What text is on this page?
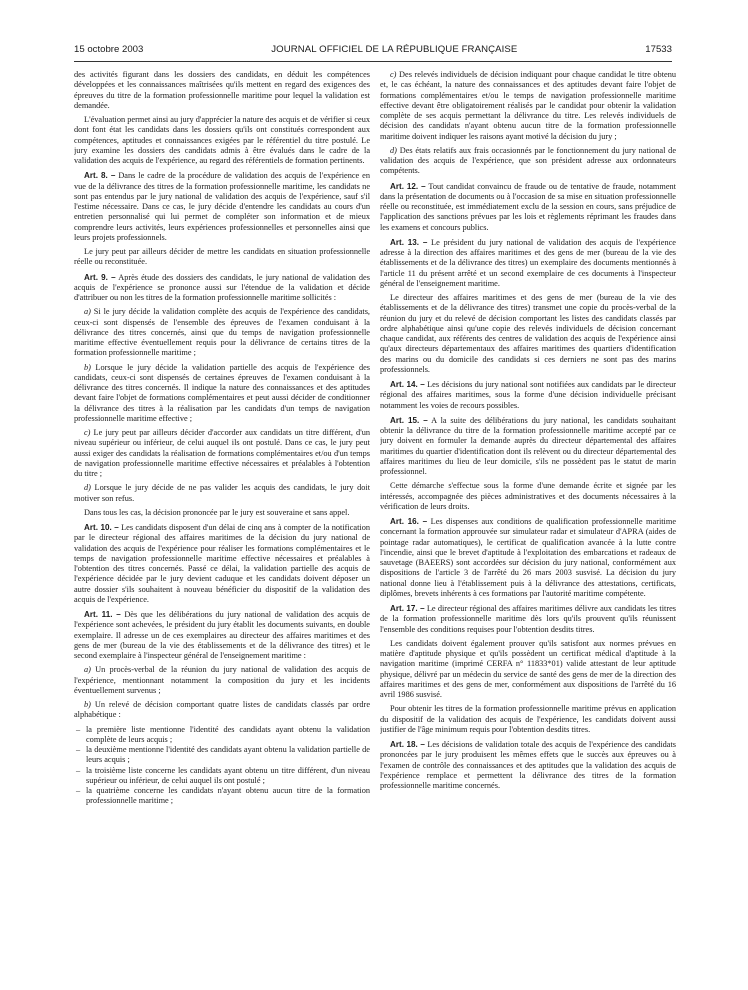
15 octobre 2003	JOURNAL OFFICIEL DE LA RÉPUBLIQUE FRANÇAISE	17533

des activités figurant dans les dossiers des candidats, en déduit les compétences développées et les connaissances maîtrisées qu'ils mettent en regard des exigences des épreuves du titre de la formation professionnelle maritime pour lequel la validation est demandée.

L'évaluation permet ainsi au jury d'apprécier la nature des acquis et de vérifier si ceux dont font état les candidats dans les dossiers qu'ils ont constitués correspondent aux compétences, aptitudes et connaissances exigées par le référentiel du titre postulé. Le jury examine les dossiers des candidats admis à être évalués dans le cadre de la validation des acquis de l'expérience, au regard des référentiels de formation pertinents.

Art. 8. – Dans le cadre de la procédure de validation des acquis de l'expérience en vue de la délivrance des titres de la formation professionnelle maritime, les candidats ne sont pas entendus par le jury national de validation des acquis de l'expérience, sauf s'il l'estime nécessaire. Dans ce cas, le jury décide d'entendre les candidats au cours d'un entretien personnalisé qui lui permet de compléter son information et de mieux comprendre leurs activités, leurs expériences professionnelles et personnelles ainsi que leurs projets professionnels.

Le jury peut par ailleurs décider de mettre les candidats en situation professionnelle réelle ou reconstituée.

Art. 9. – Après étude des dossiers des candidats, le jury national de validation des acquis de l'expérience se prononce aussi sur l'étendue de la validation et décide d'attribuer ou non les titres de la formation professionnelle maritime sollicités :

a) Si le jury décide la validation complète des acquis de l'expérience des candidats, ceux-ci sont dispensés de l'ensemble des épreuves de l'examen conduisant à la délivrance des titres concernés, ainsi que du temps de navigation professionnelle maritime effective éventuellement requis pour la délivrance de certains titres de la formation professionnelle maritime ;

b) Lorsque le jury décide la validation partielle des acquis de l'expérience des candidats, ceux-ci sont dispensés de certaines épreuves de l'examen conduisant à la délivrance des titres concernés. Il indique la nature des connaissances et des aptitudes devant faire l'objet de formations complémentaires et peut aussi décider de conditionner la délivrance des titres à la réalisation par les candidats d'un temps de navigation professionnelle maritime effective ;

c) Le jury peut par ailleurs décider d'accorder aux candidats un titre différent, d'un niveau supérieur ou inférieur, de celui auquel ils ont postulé. Dans ce cas, le jury peut aussi exiger des candidats la réalisation de formations complémentaires et/ou d'un temps de navigation professionnelle maritime effective nécessaires et préalables à l'obtention du titre ;

d) Lorsque le jury décide de ne pas valider les acquis des candidats, le jury doit motiver son refus.

Dans tous les cas, la décision prononcée par le jury est souveraine et sans appel.

Art. 10. – Les candidats disposent d'un délai de cinq ans à compter de la notification par le directeur régional des affaires maritimes de la décision du jury national de validation des acquis de l'expérience pour réaliser les formations complémentaires et le temps de navigation professionnelle maritime effective nécessaires et préalables à l'obtention des titres concernés. Passé ce délai, la validation partielle des acquis de l'expérience décidée par le jury devient caduque et les candidats doivent déposer un autre dossier s'ils souhaitent à nouveau bénéficier du dispositif de la validation des acquis de l'expérience.

Art. 11. – Dès que les délibérations du jury national de validation des acquis de l'expérience sont achevées, le président du jury établit les documents suivants, en double exemplaire. Il adresse un de ces exemplaires au directeur des affaires maritimes et des gens de mer (bureau de la vie des établissements et de la délivrance des titres) et le second exemplaire à l'inspecteur général de l'enseignement maritime :

a) Un procès-verbal de la réunion du jury national de validation des acquis de l'expérience, mentionnant notamment la composition du jury et les incidents éventuellement survenus ;

b) Un relevé de décision comportant quatre listes de candidats classés par ordre alphabétique :

– la première liste mentionne l'identité des candidats ayant obtenu la validation complète de leurs acquis ;
– la deuxième mentionne l'identité des candidats ayant obtenu la validation partielle de leurs acquis ;
– la troisième liste concerne les candidats ayant obtenu un titre différent, d'un niveau supérieur ou inférieur, de celui auquel ils ont postulé ;
– la quatrième concerne les candidats n'ayant obtenu aucun titre de la formation professionnelle maritime ;

c) Des relevés individuels de décision indiquant pour chaque candidat le titre obtenu et, le cas échéant, la nature des connaissances et des aptitudes devant faire l'objet de formations complémentaires et/ou le temps de navigation professionnelle maritime effective devant être obligatoirement réalisés par le candidat pour obtenir la validation complète de ses acquis permettant la délivrance du titre. Les relevés individuels de décision des candidats n'ayant obtenu aucun titre de la formation professionnelle maritime doivent indiquer les raisons ayant motivé la décision du jury ;

d) Des états relatifs aux frais occasionnés par le fonctionnement du jury national de validation des acquis de l'expérience, que son président adresse aux ordonnateurs compétents.

Art. 12. – Tout candidat convaincu de fraude ou de tentative de fraude, notamment dans la présentation de documents ou à l'occasion de sa mise en situation professionnelle réelle ou reconstituée, est immédiatement exclu de la session en cours, sans préjudice de l'application des sanctions prévues par les lois et règlements réprimant les fraudes dans les examens et concours publics.

Art. 13. – Le président du jury national de validation des acquis de l'expérience adresse à la direction des affaires maritimes et des gens de mer (bureau de la vie des établissements et de la délivrance des titres) un exemplaire des documents mentionnés à l'article 11 du présent arrêté et un second exemplaire de ces documents à l'inspecteur général de l'enseignement maritime.

Le directeur des affaires maritimes et des gens de mer (bureau de la vie des établissements et de la délivrance des titres) transmet une copie du procès-verbal de la réunion du jury et du relevé de décision comportant les listes des candidats classés par ordre alphabétique ainsi qu'une copie des relevés individuels de décision concernant chaque candidat, aux référents des centres de validation des acquis de l'expérience ainsi qu'aux directeurs départementaux des affaires maritimes des quartiers d'identification des marins ou du domicile des candidats si ces derniers ne sont pas des marins professionnels.

Art. 14. – Les décisions du jury national sont notifiées aux candidats par le directeur régional des affaires maritimes, sous la forme d'une décision individuelle précisant notamment les voies de recours possibles.

Art. 15. – A la suite des délibérations du jury national, les candidats souhaitant obtenir la délivrance du titre de la formation professionnelle maritime accepté par ce jury doivent en formuler la demande auprès du directeur départemental des affaires maritimes du quartier d'identification dont ils relèvent ou du directeur départemental des affaires maritimes du lieu de leur domicile, s'ils ne possèdent pas le statut de marin professionnel.

Cette démarche s'effectue sous la forme d'une demande écrite et signée par les intéressés, accompagnée des pièces administratives et des documents nécessaires à la vérification de leurs droits.

Art. 16. – Les dispenses aux conditions de qualification professionnelle maritime concernant la formation approuvée sur simulateur radar et simulateur d'APRA (aides de pointage radar automatiques), le certificat de qualification avancée à la lutte contre l'incendie, ainsi que le brevet d'aptitude à l'exploitation des embarcations et radeaux de sauvetage (BAEERS) sont accordées sur décision du jury national, conformément aux dispositions de l'article 3 de l'arrêté du 26 mars 2003 susvisé. La décision du jury national donne lieu à l'établissement puis à la délivrance des attestations, certificats, diplômes, brevets inhérents à ces formations par l'autorité maritime compétente.

Art. 17. – Le directeur régional des affaires maritimes délivre aux candidats les titres de la formation professionnelle maritime dès lors qu'ils prouvent qu'ils réunissent l'ensemble des conditions requises pour l'obtention desdits titres.

Les candidats doivent également prouver qu'ils satisfont aux normes prévues en matière d'aptitude physique et qu'ils possèdent un certificat médical d'aptitude à la navigation maritime (imprimé CERFA n° 11833*01) valide attestant de leur aptitude physique, délivré par un médecin du service de santé des gens de mer de la direction des affaires maritimes et des gens de mer, conformément aux dispositions de l'arrêté du 16 avril 1986 susvisé.

Pour obtenir les titres de la formation professionnelle maritime prévus en application du dispositif de la validation des acquis de l'expérience, les candidats doivent aussi justifier de l'âge minimum requis pour l'obtention desdits titres.

Art. 18. – Les décisions de validation totale des acquis de l'expérience des candidats prononcées par le jury produisent les mêmes effets que le succès aux épreuves ou à l'examen de contrôle des connaissances et des aptitudes que la validation des acquis de l'expérience remplace et permettent la délivrance des titres de la formation professionnelle maritime concernés.
